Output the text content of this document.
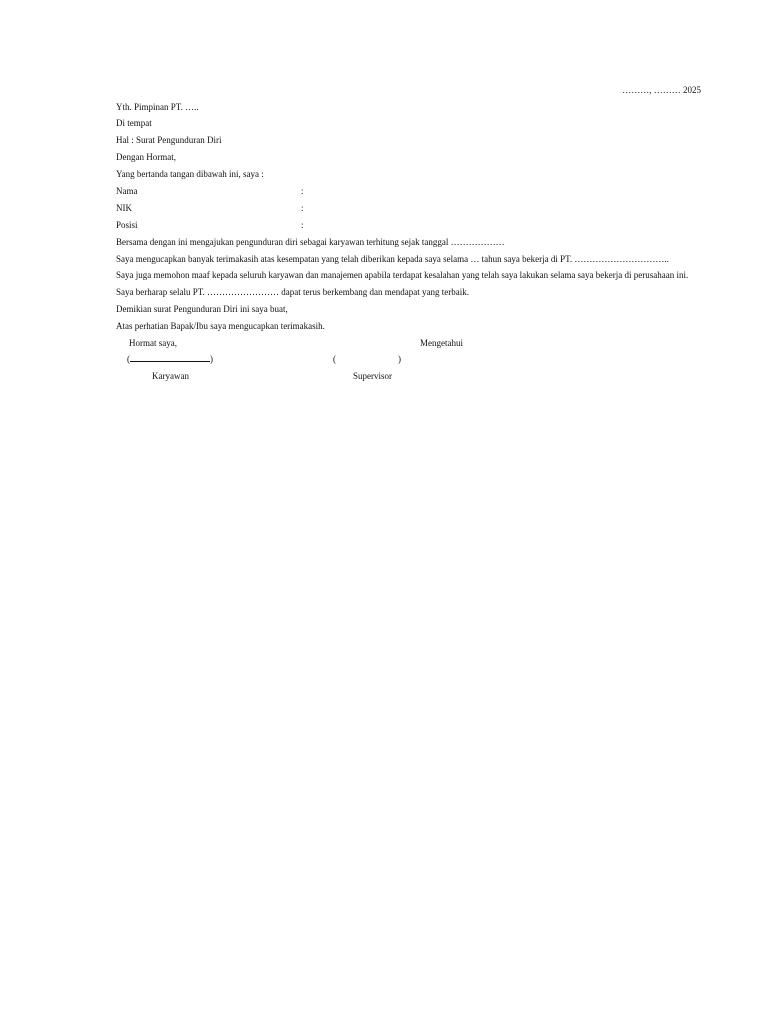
………, ……… 2025
Yth. Pimpinan PT. …..
Di tempat
Hal : Surat Pengunduran Diri
Dengan Hormat,
Yang bertanda tangan dibawah ini, saya :
Nama	:
NIK	:
Posisi	:
Bersama dengan ini mengajukan pengunduran diri sebagai karyawan terhitung sejak tanggal ………………
Saya mengucapkan banyak terimakasih atas kesempatan yang telah diberikan kepada saya selama … tahun saya bekerja di PT. …………………………..
Saya juga memohon maaf kepada seluruh karyawan dan manajemen apabila terdapat kesalahan yang telah saya lakukan selama saya bekerja di perusahaan ini.
Saya berharap selalu PT. …………………… dapat terus berkembang dan mendapat yang terbaik.
Demikian surat Pengunduran Diri ini saya buat,
Atas perhatian Bapak/Ibu saya mengucapkan terimakasih.
Hormat saya,	Mengetahui
(	)	(	)
Karyawan	Supervisor
